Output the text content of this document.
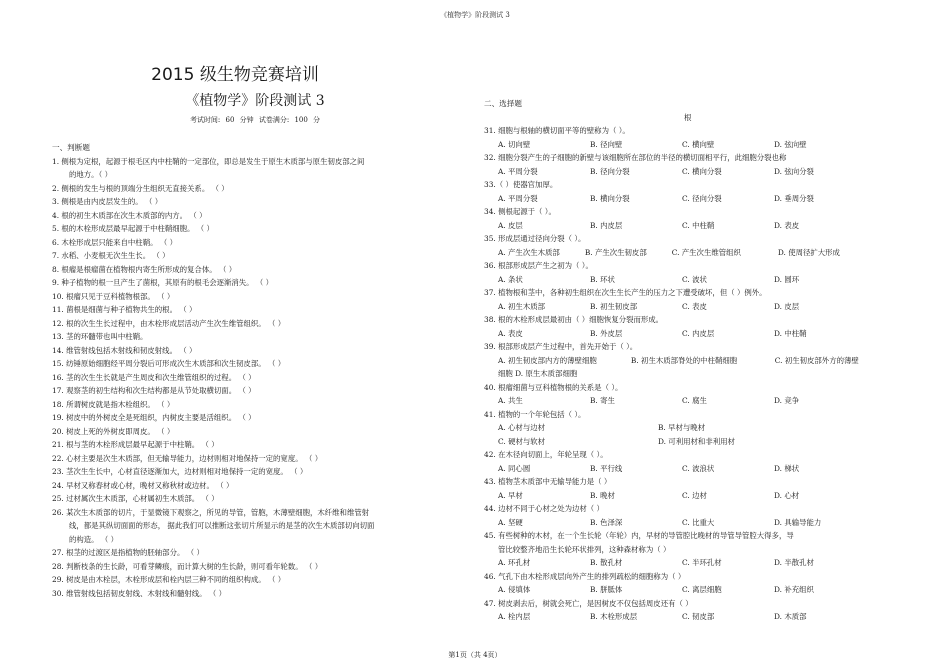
《植物学》阶段测试 3
2015 级生物竞赛培训
《植物学》阶段测试 3
考试时间: 60 分钟 试卷满分: 100 分
一、判断题
1. 侧根为定根，起源于根毛区内中柱鞘的一定部位，即总是发生于原生木质部与原生韧皮部之间
的地方。（ ）
2. 侧根的发生与根的顶端分生组织无直接关系。 （ ）
3. 侧根是由内皮层发生的。 （ ）
4. 根的初生木质部在次生木质部的内方。 （ ）
5. 根的木栓形成层最早起源于中柱鞘细胞。 （ ）
6. 木栓形成层只能来自中柱鞘。 （ ）
7. 水稻、小麦根无次生生长。 （ ）
8. 根瘤是根瘤菌在植物根内寄生所形成的复合体。 （ ）
9. 种子植物的根一旦产生了菌根，其原有的根毛会逐渐消失。 （ ）
10. 根瘤只见于豆科植物根部。 （ ）
11. 菌根是细菌与种子植物共生的根。 （ ）
12. 根的次生生长过程中，由木栓形成层活动产生次生维管组织。 （ ）
13. 茎的环髓带也叫中柱鞘。
14. 维管射线包括木射线和韧皮射线。 （ ）
15. 纺锤原始细胞经平周分裂后可形成次生木质部和次生韧皮部。 （ ）
16. 茎的次生生长就是产生周皮和次生维管组织的过程。 （ ）
17. 观察茎的初生结构和次生结构都是从节处取横切面。 （ ）
18. 所谓树皮就是指木栓组织。 （ ）
19. 树皮中的外树皮全是死组织，内树皮主要是活组织。 （ ）
20. 树皮上死的外树皮即周皮。 （ ）
21. 根与茎的木栓形成层最早起源于中柱鞘。 （ ）
22. 心材主要是次生木质部，但无输导能力，边材则相对地保持一定的宽度。 （ ）
23. 茎次生生长中，心材直径逐渐加大，边材则相对地保持一定的宽度。 （ ）
24. 早材又称春材或心材，晚材又称秋材或边材。 （ ）
25. 过材属次生木质部，心材属初生木质部。 （ ）
26. 某次生木质部的切片，于显微镜下观察之，所见的导管，管胞，木薄壁细胞，木纤维和维管射
线，都是其纵切面面的形态， 据此我们可以推断这张切片所显示的是茎的次生木质部切向切面
的构造。 （ ）
27. 根茎的过渡区是指植物的胚轴部分。 （ ）
28. 判断枝条的生长龄，可看芽鳞痕，而计算大树的生长龄，则可看年轮数。 （ ）
29. 树皮是由木栓层，木栓形成层和栓内层三种不同的组织构成。 （ ）
30. 维管射线包括韧皮射线、木射线和髓射线。 （ ）
二、选择题
根
31. 细胞与根轴的横切面平等的壁称为（ ）。
A. 切向壁	B. 径向壁	C. 横向壁	D. 弦向壁
32. 细胞分裂产生的子细胞的新壁与该细胞所在部位的半径的横切面相平行，此细胞分裂也称
A. 平周分裂	B. 径向分裂	C. 横向分裂	D. 弦向分裂
33.（ ）使器官加厚。
A. 平周分裂	B. 横向分裂	C. 径向分裂	D. 垂周分裂
34. 侧根起源于（ ）。
A. 皮层	B. 内皮层	C. 中柱鞘	D. 表皮
35. 形成层通过径向分裂（ ）。
A. 产生次生木质部	B. 产生次生韧皮部	C. 产生次生维管组织	D. 使周径扩大形成
36. 根部形成层产生之初为（ ）。
A. 条状	B. 环状	C. 波状	D. 圆环
37. 植物根和茎中，各种初生组织在次生生长产生的压力之下遭受破坏，但（ ）例外。
A. 初生木质部	B. 初生韧皮部	C. 表皮	D. 皮层
38. 根的木栓形成层最初由（ ）细胞恢复分裂而形成。
A. 表皮	B. 外皮层	C. 内皮层	D. 中柱鞘
39. 根部形成层产生过程中，首先开始于（ ）。
A. 初生韧皮部内方的薄壁细胞	B. 初生木质部脊处的中柱鞘细胞	C. 初生韧皮部外方的薄壁
细胞 D. 原生木质部细胞
40. 根瘤细菌与豆科植物根的关系是（ ）。
A. 共生	B. 寄生	C. 腐生	D. 竞争
41. 植物的一个年轮包括（ ）。
A. 心材与边材	B. 早材与晚材
C. 硬材与软材	D. 可利用材和非利用材
42. 在木径向切面上，年轮呈现（ ）。
A. 同心圆	B. 平行线	C. 波浪状	D. 梯状
43. 植物茎木质部中无输导能力是（ ）
A. 早材	B. 晚材	C. 边材	D. 心材
44. 边材不同于心材之处为边材（ ）
A. 坚硬	B. 色泽深	C. 比重大	D. 具输导能力
45. 有些树种的木材，在一个生长轮（年轮）内，早材的导管腔比晚材的导管导管腔大得多，导
管比较整齐地沿生长轮环状排列，这种森材称为（ ）
A. 环孔材	B. 散孔材	C. 半环孔材	D. 半散孔材
46. 气孔下由木栓形成层向外产生的排列疏松的细胞称为（ ）
A. 侵填体	B. 胼胝体	C. 离层细胞	D. 补充组织
47. 树皮剥去后，树就会死亡，是因树皮不仅包括周皮还有（ ）
A. 栓内层	B. 木栓形成层	C. 韧皮部	D. 木质部
第1页（共 4页）
